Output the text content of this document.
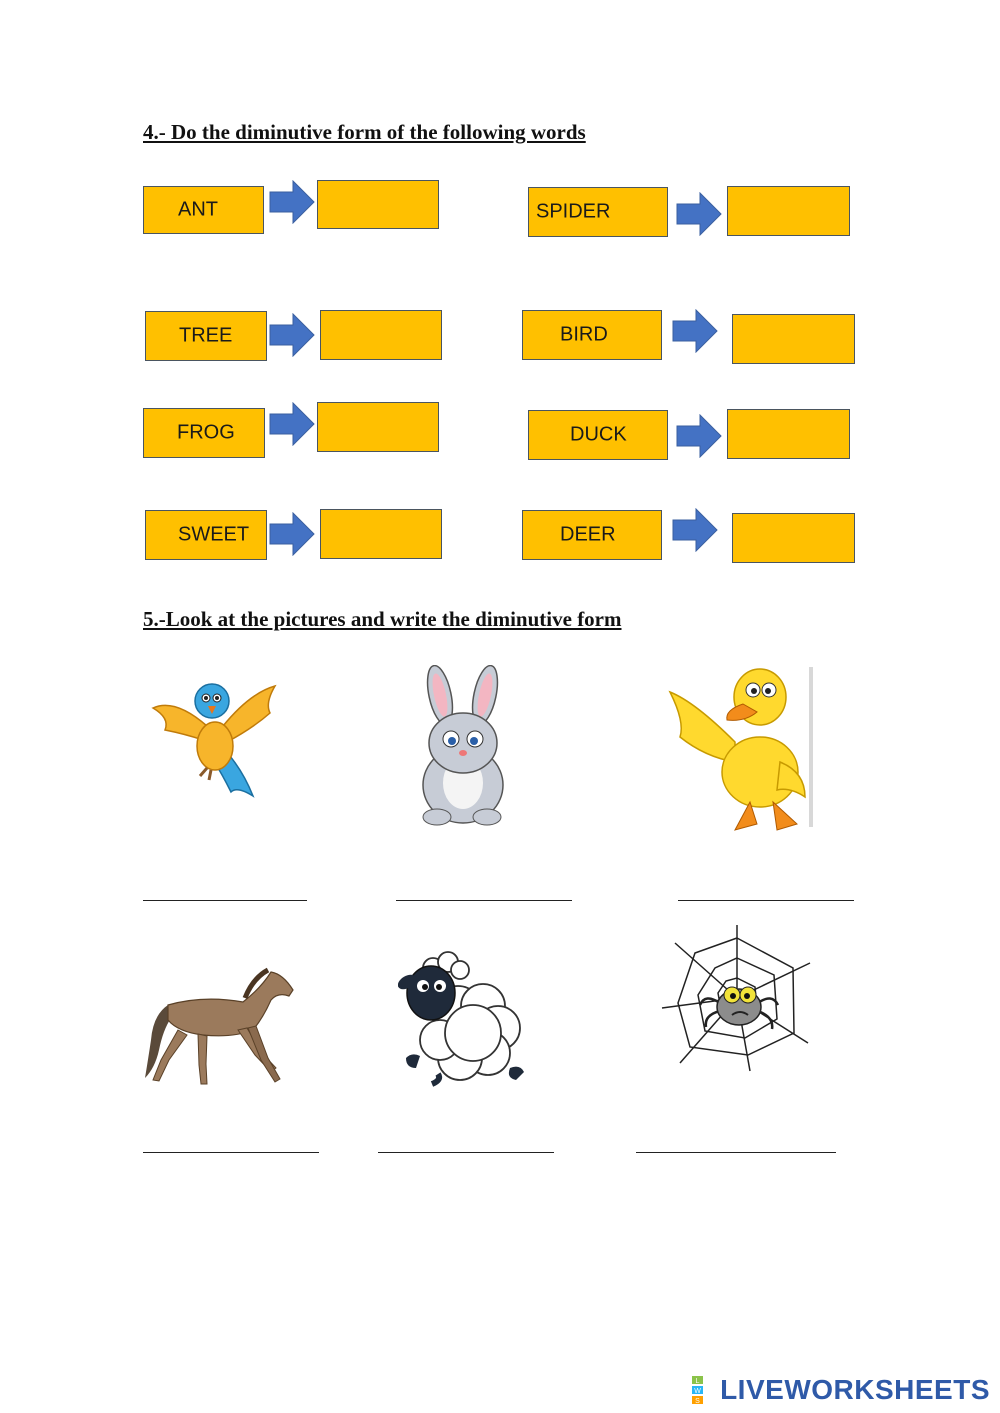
4.- Do the diminutive form of the following words
ANT	SPIDER
TREE	BIRD
FROG	DUCK
SWEET	DEER
5.-Look at the pictures and write the diminutive form
L
W
S LIVEWORKSHEETS
